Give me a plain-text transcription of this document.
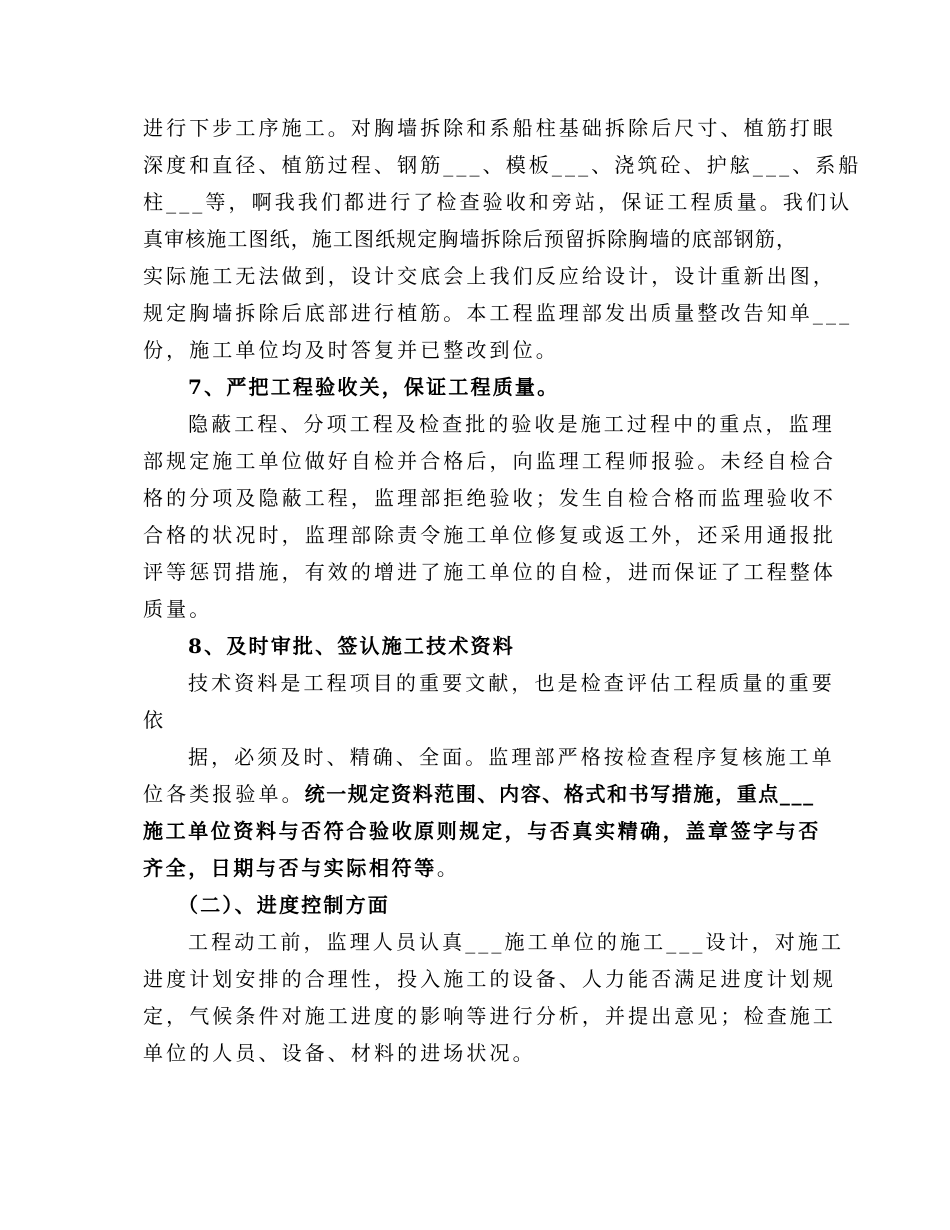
进行下步工序施工。对胸墙拆除和系船柱基础拆除后尺寸、植筋打眼
深度和直径、植筋过程、钢筋___、模板___、浇筑砼、护舷___、系船
柱___等，啊我我们都进行了检查验收和旁站，保证工程质量。我们认
真审核施工图纸，施工图纸规定胸墙拆除后预留拆除胸墙的底部钢筋，
实际施工无法做到，设计交底会上我们反应给设计，设计重新出图，
规定胸墙拆除后底部进行植筋。本工程监理部发出质量整改告知单___
份，施工单位均及时答复并已整改到位。
7、严把工程验收关，保证工程质量。
隐蔽工程、分项工程及检查批的验收是施工过程中的重点，监理
部规定施工单位做好自检并合格后，向监理工程师报验。未经自检合
格的分项及隐蔽工程，监理部拒绝验收；发生自检合格而监理验收不
合格的状况时，监理部除责令施工单位修复或返工外，还采用通报批
评等惩罚措施，有效的增进了施工单位的自检，进而保证了工程整体
质量。
8、及时审批、签认施工技术资料
技术资料是工程项目的重要文献，也是检查评估工程质量的重要
依
据，必须及时、精确、全面。监理部严格按检查程序复核施工单
位各类报验单。统一规定资料范围、内容、格式和书写措施，重点___
施工单位资料与否符合验收原则规定，与否真实精确，盖章签字与否
齐全，日期与否与实际相符等。
（二）、进度控制方面
工程动工前，监理人员认真___施工单位的施工___设计，对施工
进度计划安排的合理性，投入施工的设备、人力能否满足进度计划规
定，气候条件对施工进度的影响等进行分析，并提出意见；检查施工
单位的人员、设备、材料的进场状况。
